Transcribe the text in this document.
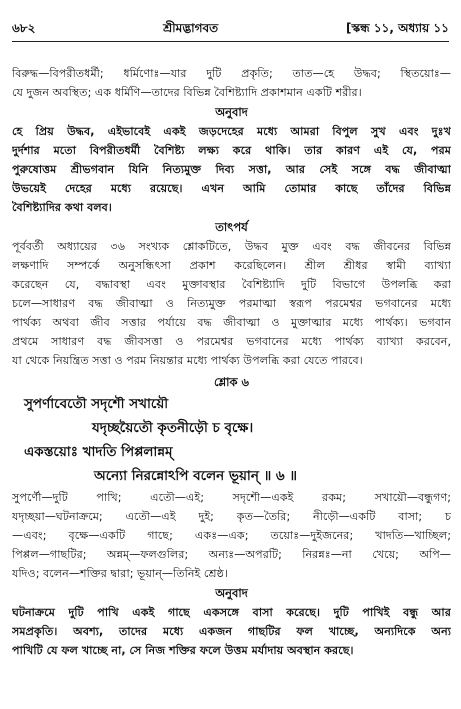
৬৮২	শ্রীমদ্ভাগবত	[স্কন্ধ ১১, অধ্যায় ১১
বিরুদ্ধ—বিপরীতধর্মী; ধর্মিণোঃ—যার দুটি প্রকৃতি; তাত—হে উদ্ধব; স্থিতয়োঃ—
যে দুজন অবস্থিত; এক ধর্মিণি—তাদের বিভিন্ন বৈশিষ্ট্যাদি প্রকাশমান একটি শরীর।
অনুবাদ
হে প্রিয় উদ্ধব, এইভাবেই একই জড়দেহের মধ্যে আমরা বিপুল সুখ এবং দুঃখ
দুর্দশার মতো বিপরীতধর্মী বৈশিষ্ট্য লক্ষ্য করে থাকি। তার কারণ এই যে, পরম
পুরুষোত্তম শ্রীভগবান যিনি নিত্যমুক্ত দিব্য সত্তা, আর সেই সঙ্গে বদ্ধ জীবাত্মা
উভয়েই দেহের মধ্যে রয়েছে। এখন আমি তোমার কাছে তাঁদের বিভিন্ন
বৈশিষ্ট্যাদির কথা বলব।
তাৎপর্য
পূর্ববর্তী অধ্যায়ের ৩৬ সংখ্যক শ্লোকটিতে, উদ্ধব মুক্ত এবং বদ্ধ জীবনের বিভিন্ন
লক্ষণাদি সম্পর্কে অনুসন্ধিৎসা প্রকাশ করেছিলেন। শ্রীল শ্রীধর স্বামী ব্যাখ্যা
করেছেন যে, বদ্ধাবস্থা এবং মুক্তাবস্থার বৈশিষ্ট্যাদি দুটি বিভাগে উপলব্ধি করা
চলে—সাধারণ বদ্ধ জীবাত্মা ও নিত্যমুক্ত পরমাত্মা স্বরূপ পরমেশ্বর ভগবানের মধ্যে
পার্থক্য অথবা জীব সত্তার পর্যায়ে বদ্ধ জীবাত্মা ও মুক্তাত্মার মধ্যে পার্থক্য। ভগবান
প্রথমে সাধারণ বদ্ধ জীবসত্তা ও পরমেশ্বর ভগবানের মধ্যে পার্থক্য ব্যাখ্যা করবেন,
যা থেকে নিয়ন্ত্রিত সত্তা ও পরম নিয়ন্তার মধ্যে পার্থক্য উপলব্ধি করা যেতে পারবে।
শ্লোক ৬
সুপর্ণাবেতৌ সদৃশৌ সখায়ৌ
যদৃচ্ছয়ৈতৌ কৃতনীড়ৌ চ বৃক্ষে।
একস্তয়োঃ খাদতি পিপ্পলান্নম্
অন্যো নিরন্নোঽপি বলেন ভূয়ান্ ॥ ৬ ॥
সুপর্ণৌ—দুটি পাখি; এতৌ—এই; সদৃশৌ—একই রকম; সখায়ৌ—বন্ধুগণ;
যদৃচ্ছয়া—ঘটনাক্রমে; এতৌ—এই দুই; কৃত—তৈরি; নীড়ৌ—একটি বাসা; চ
—এবং; বৃক্ষে—একটি গাছে; একঃ—এক; তয়োঃ—দুইজনের; খাদতি—খাচ্ছিল;
পিপ্পল—গাছটির; অন্নম্—ফলগুলির; অন্যঃ—অপরটি; নিরন্নঃ—না খেয়ে; অপি—
যদিও; বলেন—শক্তির দ্বারা; ভূয়ান্—তিনিই শ্রেষ্ঠ।
অনুবাদ
ঘটনাক্রমে দুটি পাখি একই গাছে একসঙ্গে বাসা করেছে। দুটি পাখিই বন্ধু আর
সমপ্রকৃতি। অবশ্য, তাদের মধ্যে একজন গাছটির ফল খাচ্ছে, অন্যদিকে অন্য
পাখিটি যে ফল খাচ্ছে না, সে নিজ শক্তির ফলে উত্তম মর্যাদায় অবস্থান করছে।
